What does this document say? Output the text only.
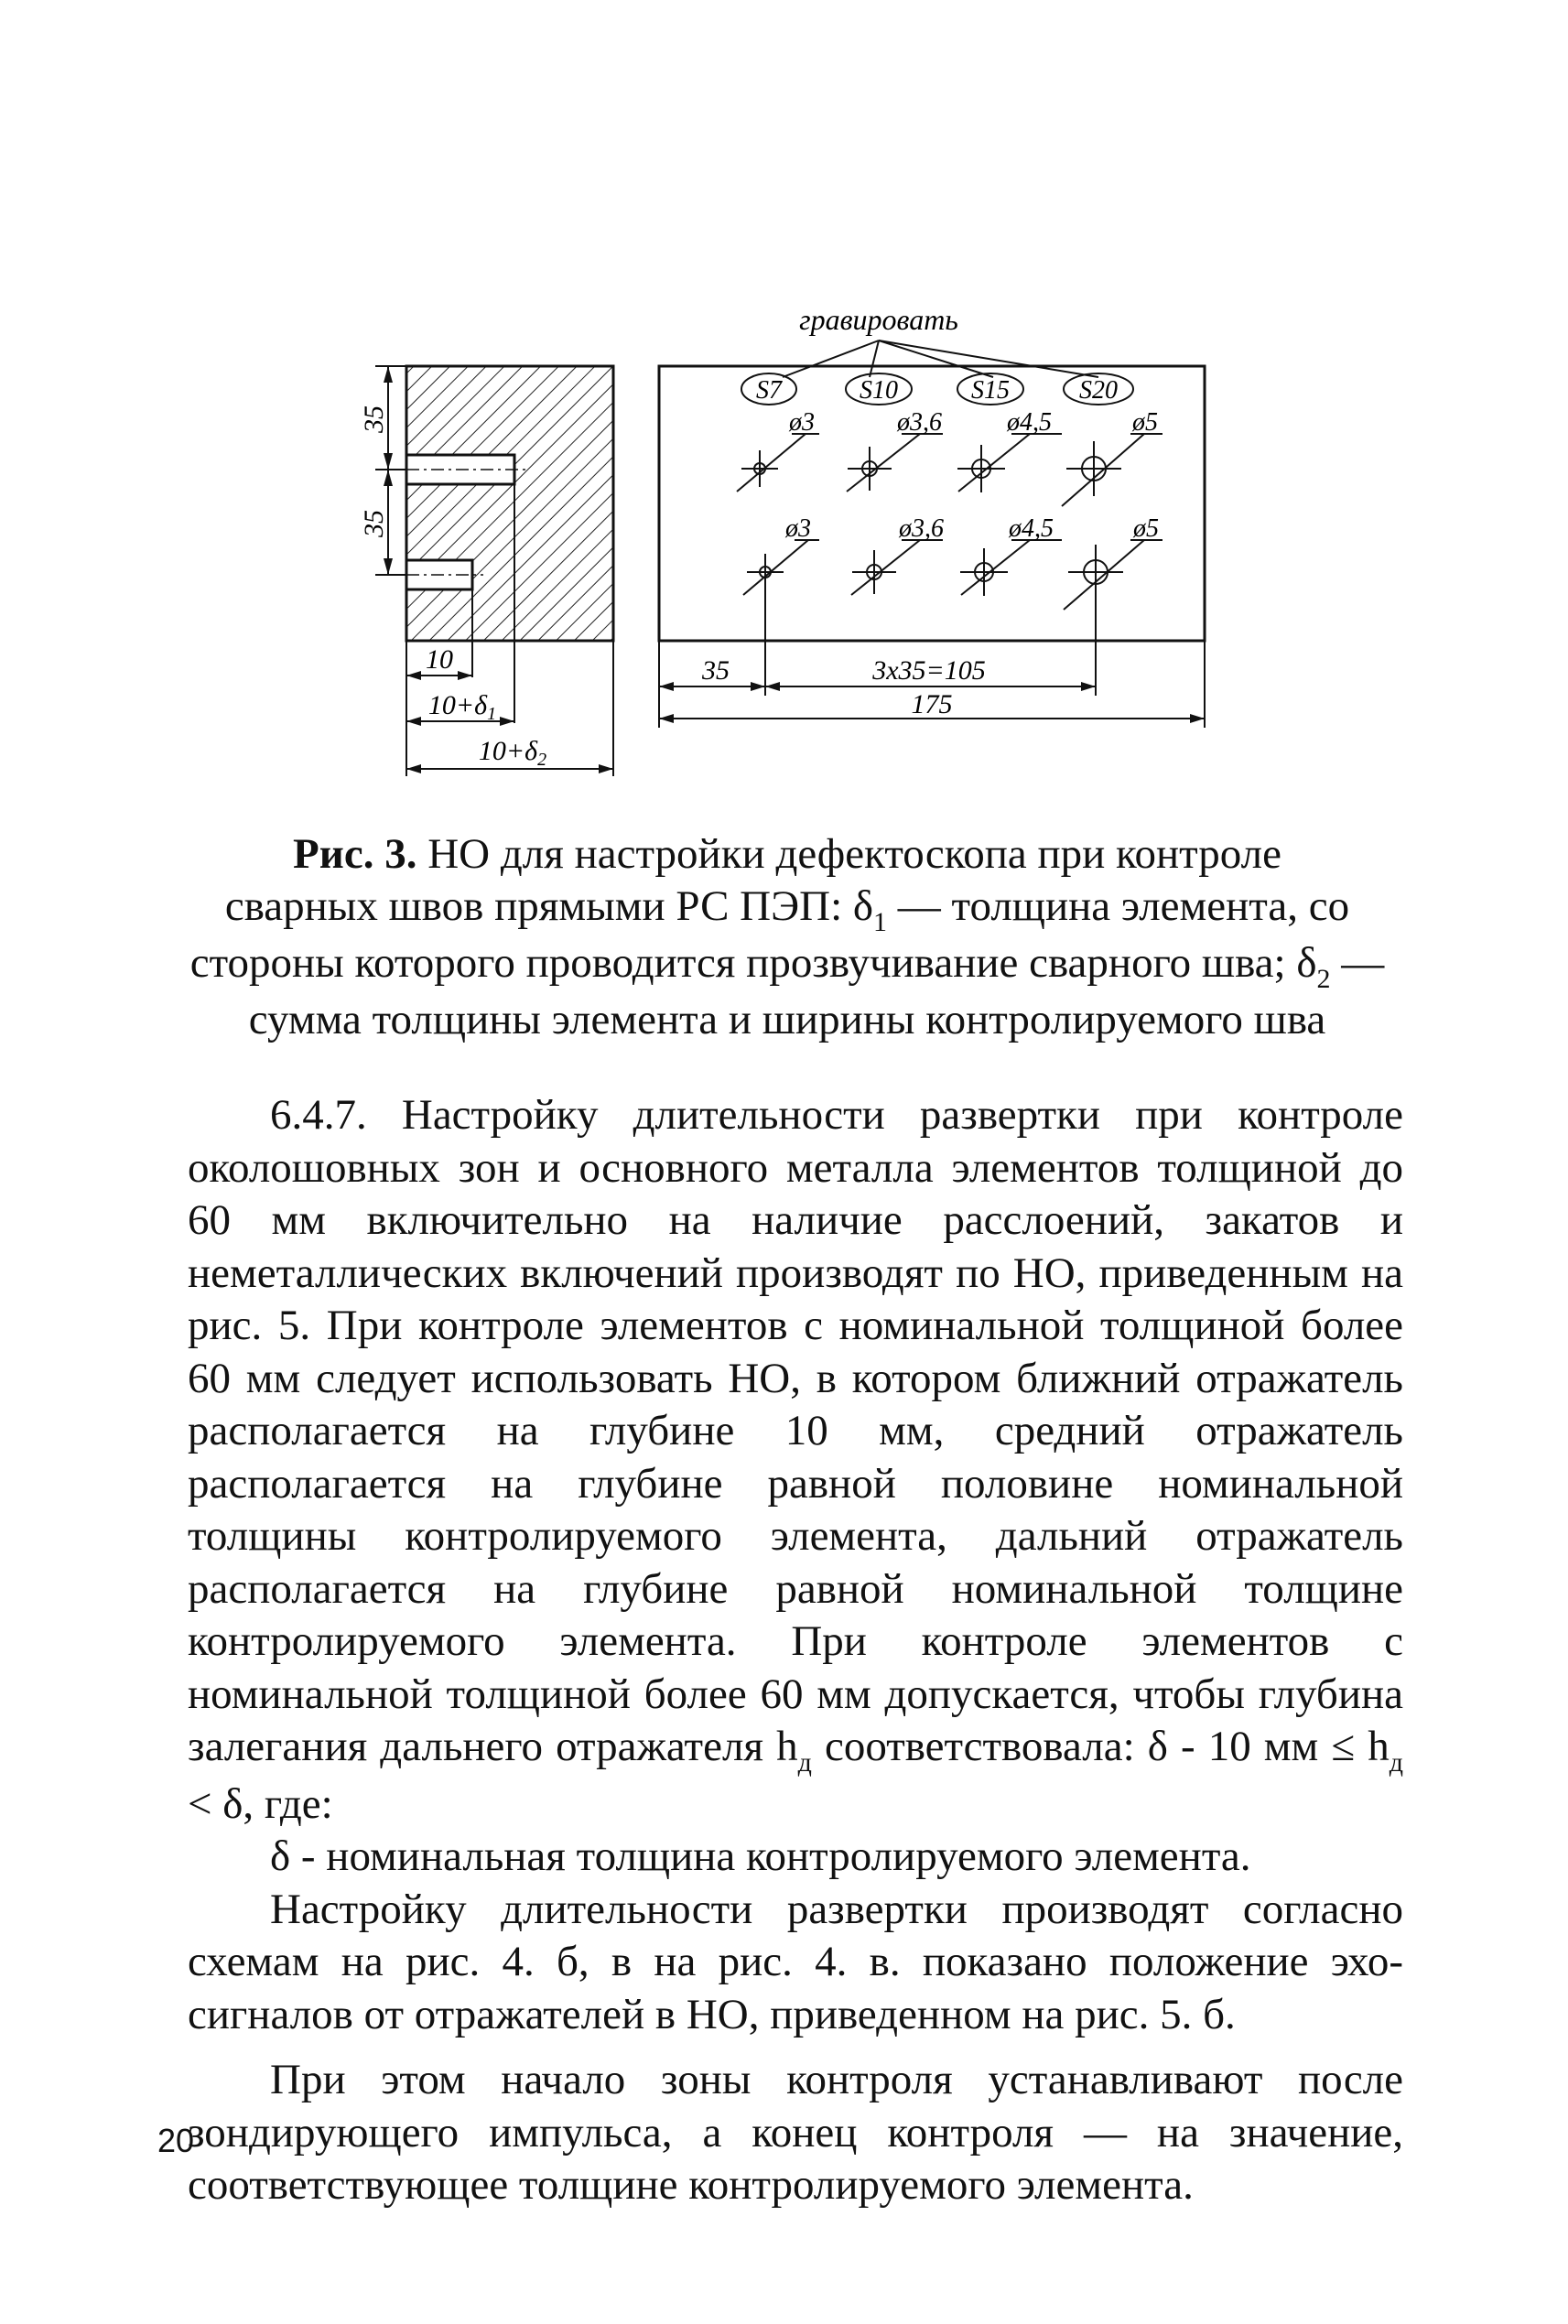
35
35
10
$10+\delta_1$
$10+\delta_2$
гравировать
S7	S10	S15	S20
ø3	ø3,6	ø4,5	ø5
ø3	ø3,6	ø4,5	ø5
35	3x35=105
175
Рис. 3. НО для настройки дефектоскопа при контроле
сварных швов прямыми РС ПЭП: $\delta_1$ — толщина элемента, со
стороны которого проводится прозвучивание сварного шва; $\delta_2$ —
сумма толщины элемента и ширины контролируемого шва

6.4.7. Настройку длительности развертки при контроле околошовных зон и основного металла элементов толщиной до 60 мм включительно на наличие расслоений, закатов и неметаллических включений производят по НО, приведенным на рис. 5. При контроле элементов с номинальной толщиной более 60 мм следует использовать НО, в котором ближний отражатель располагается на глубине 10 мм, средний отражатель располагается на глубине равной половине номинальной толщины контролируемого элемента, дальний отражатель располагается на глубине равной номинальной толщине контролируемого элемента. При контроле элементов с номинальной толщиной более 60 мм допускается, чтобы глубина залегания дальнего отражателя $h_д$ соответствовала: δ - 10 мм ≤ $h_д < \delta$, где:

δ - номинальная толщина контролируемого элемента.

Настройку длительности развертки производят согласно схемам на рис. 4. б, в на рис. 4. в. показано положение эхо-сигналов от отражателей в НО, приведенном на рис. 5. б.

При этом начало зоны контроля устанавливают после зондирующего импульса, а конец контроля — на значение, соответствующее толщине контролируемого элемента.

20
